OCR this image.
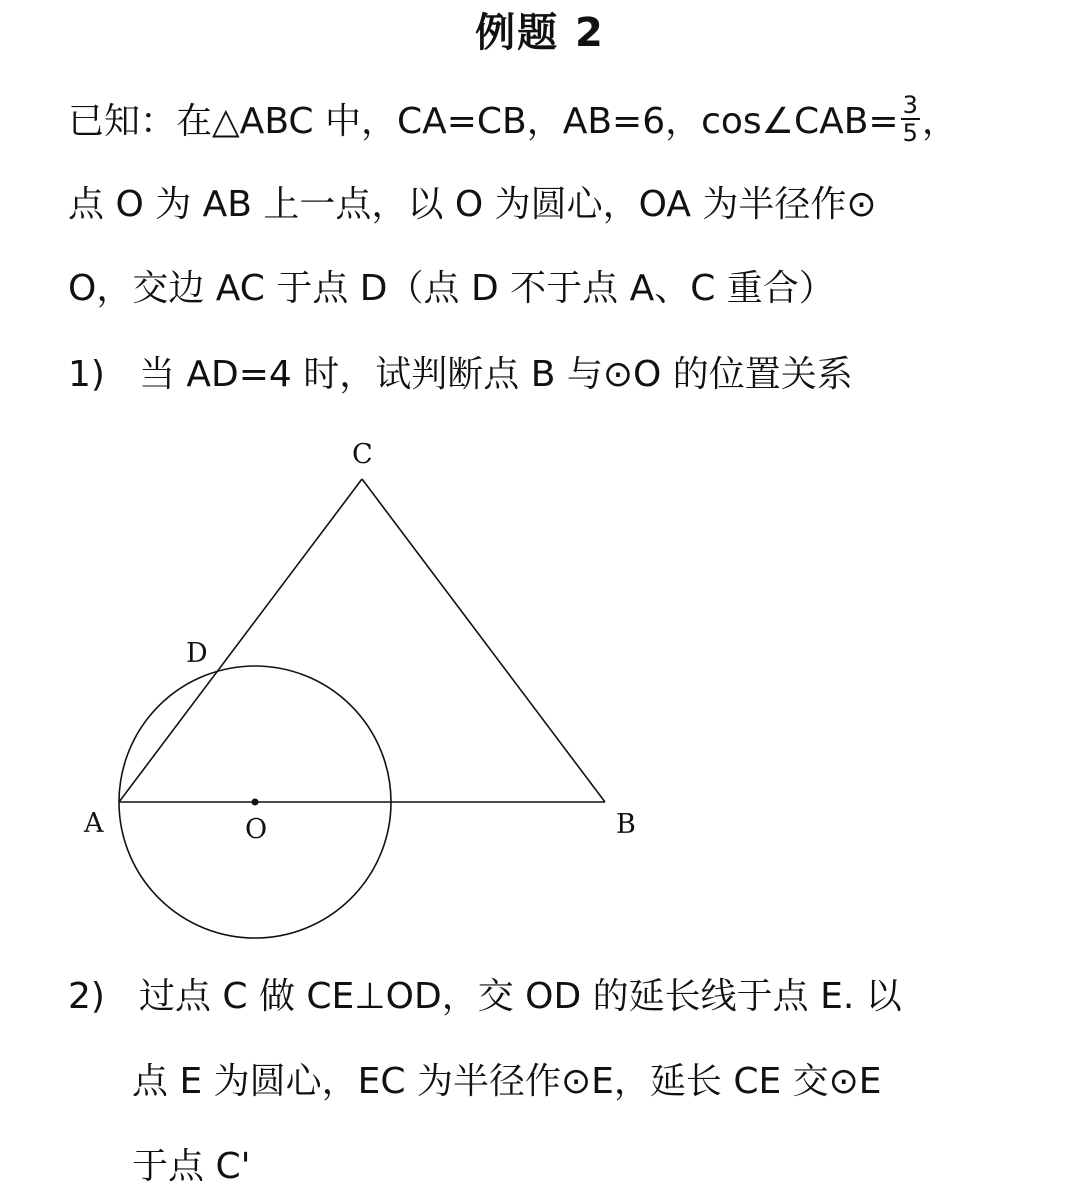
例题 2
已知：在△ABC 中，CA=CB，AB=6，cos∠CAB= $\frac{3}{5}$ ，
点 O 为 AB 上一点，以 O 为圆心，OA 为半径作⊙
O，交边 AC 于点 D（点 D 不于点 A、C 重合）
1) 当 AD=4 时，试判断点 B 与⊙O 的位置关系
C
D
A	O	B
2) 过点 C 做 CE⊥OD，交 OD 的延长线于点 E. 以
点 E 为圆心，EC 为半径作⊙E，延长 CE 交⊙E
于点 C'
